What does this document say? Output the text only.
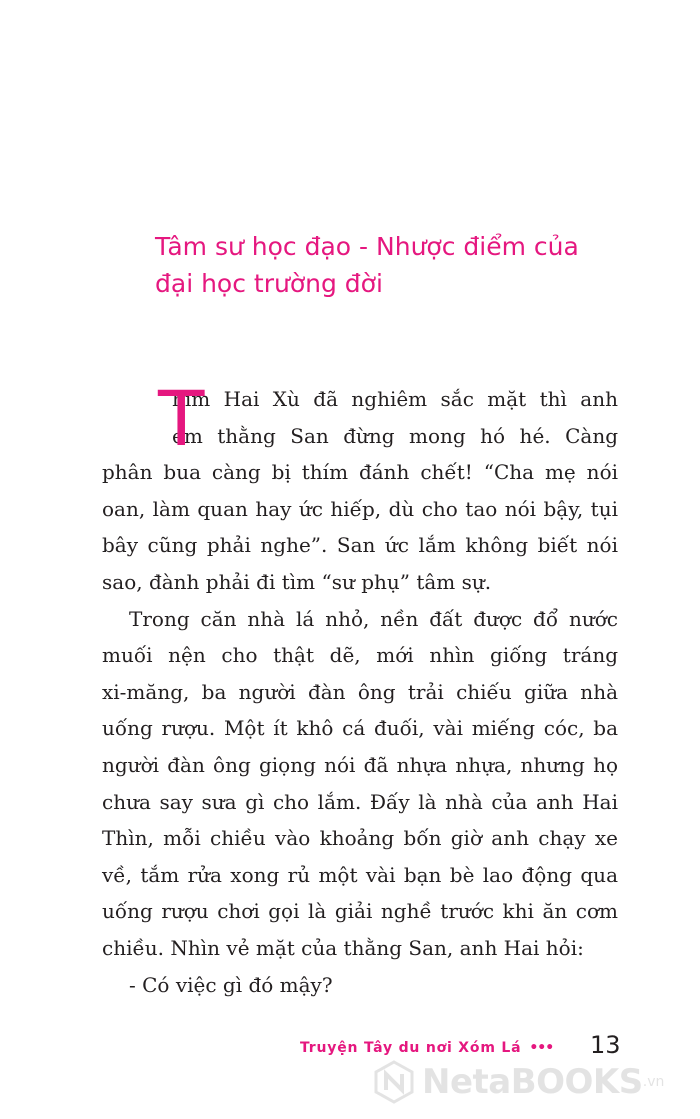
Tâm sư học đạo - Nhược điểm của
đại học trường đời
T
hím Hai Xù đã nghiêm sắc mặt thì anh
em thằng San đừng mong hó hé. Càng
phân bua càng bị thím đánh chết! “Cha mẹ nói
oan, làm quan hay ức hiếp, dù cho tao nói bậy, tụi
bây cũng phải nghe”. San ức lắm không biết nói
sao, đành phải đi tìm “sư phụ” tâm sự.
Trong căn nhà lá nhỏ, nền đất được đổ nước
muối nện cho thật dẽ, mới nhìn giống tráng
xi-măng, ba người đàn ông trải chiếu giữa nhà
uống rượu. Một ít khô cá đuối, vài miếng cóc, ba
người đàn ông giọng nói đã nhựa nhựa, nhưng họ
chưa say sưa gì cho lắm. Đấy là nhà của anh Hai
Thìn, mỗi chiều vào khoảng bốn giờ anh chạy xe
về, tắm rửa xong rủ một vài bạn bè lao động qua
uống rượu chơi gọi là giải nghề trước khi ăn cơm
chiều. Nhìn vẻ mặt của thằng San, anh Hai hỏi:
- Có việc gì đó mậy?
Truyện Tây du nơi Xóm Lá ••• 13
NetaBOOKS .vn
